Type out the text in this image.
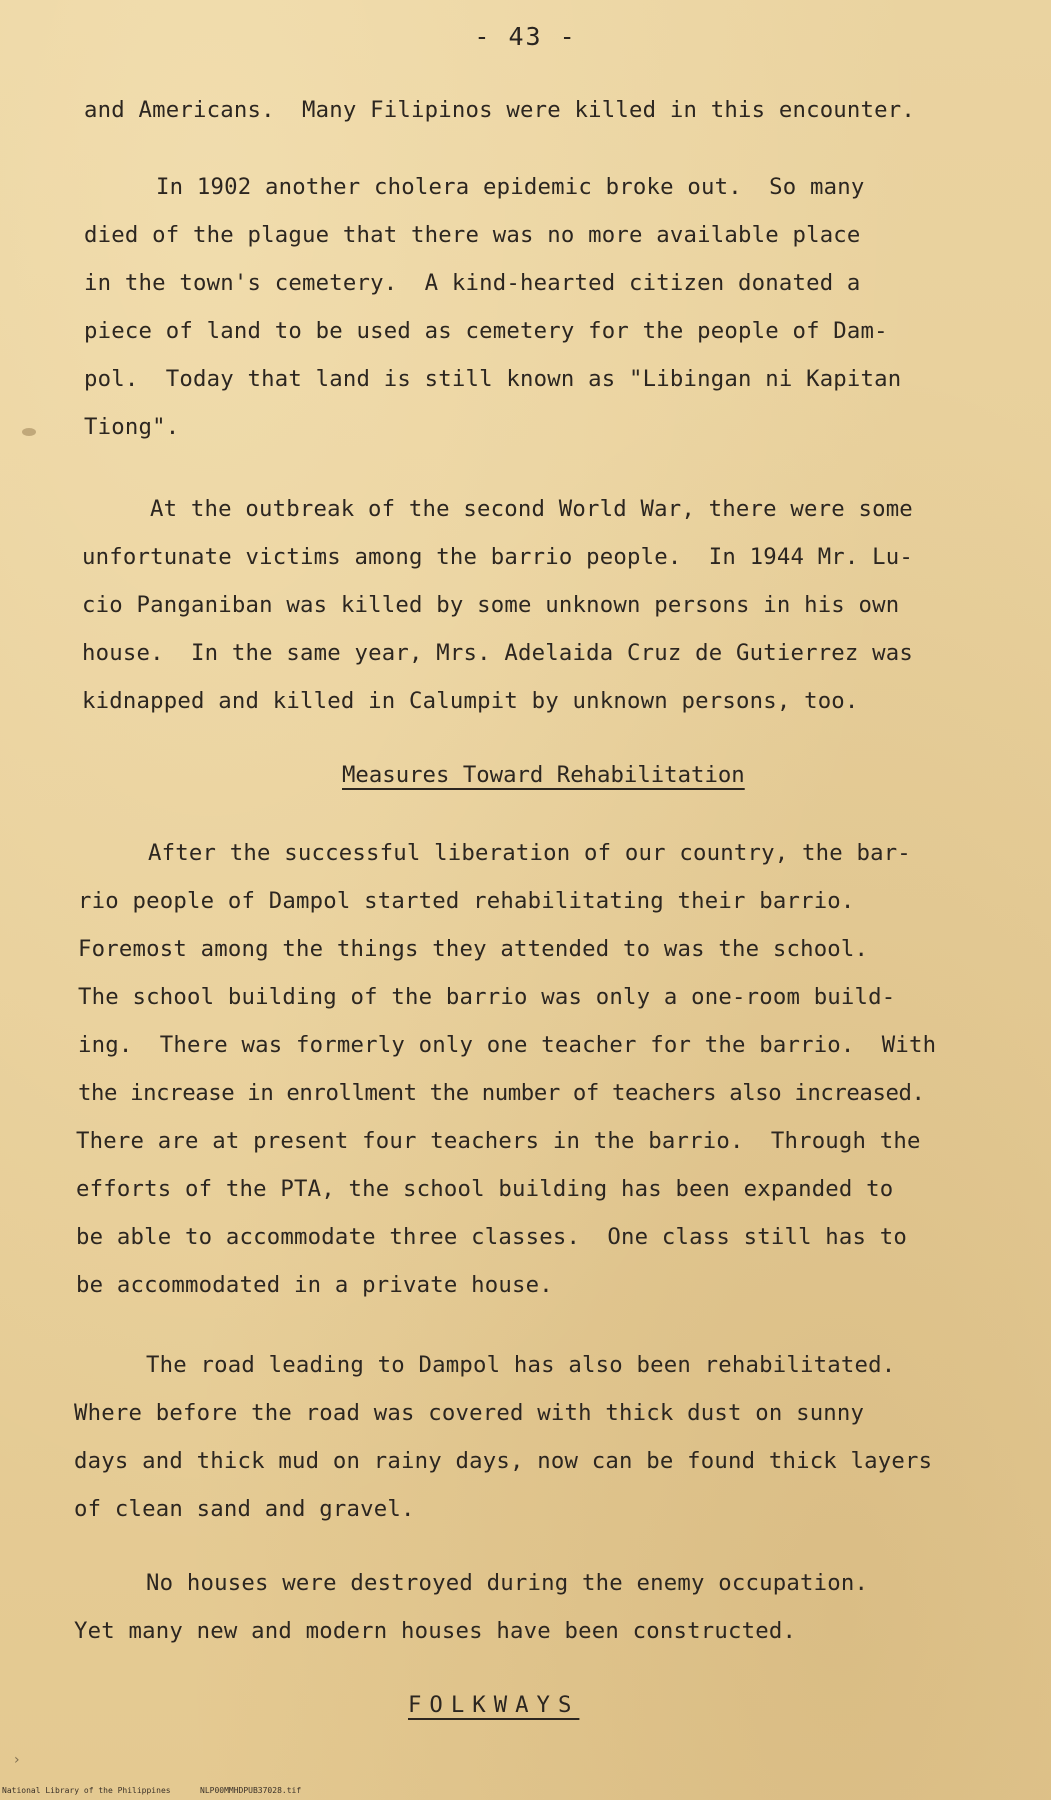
- 43 -
and Americans.  Many Filipinos were killed in this encounter.
In 1902 another cholera epidemic broke out.  So many
died of the plague that there was no more available place
in the town's cemetery.  A kind-hearted citizen donated a
piece of land to be used as cemetery for the people of Dam-
pol.  Today that land is still known as "Libingan ni Kapitan
Tiong".
At the outbreak of the second World War, there were some
unfortunate victims among the barrio people.  In 1944 Mr. Lu-
cio Panganiban was killed by some unknown persons in his own
house.  In the same year, Mrs. Adelaida Cruz de Gutierrez was
kidnapped and killed in Calumpit by unknown persons, too.
Measures Toward Rehabilitation
After the successful liberation of our country, the bar-
rio people of Dampol started rehabilitating their barrio.
Foremost among the things they attended to was the school.
The school building of the barrio was only a one-room build-
ing.  There was formerly only one teacher for the barrio.  With
the increase in enrollment the number of teachers also increased.
There are at present four teachers in the barrio.  Through the
efforts of the PTA, the school building has been expanded to
be able to accommodate three classes.  One class still has to
be accommodated in a private house.
The road leading to Dampol has also been rehabilitated.
Where before the road was covered with thick dust on sunny
days and thick mud on rainy days, now can be found thick layers
of clean sand and gravel.
No houses were destroyed during the enemy occupation.
Yet many new and modern houses have been constructed.
FOLKWAYS
›
National Library of the Philippines	NLP00MMHDPUB37028.tif
